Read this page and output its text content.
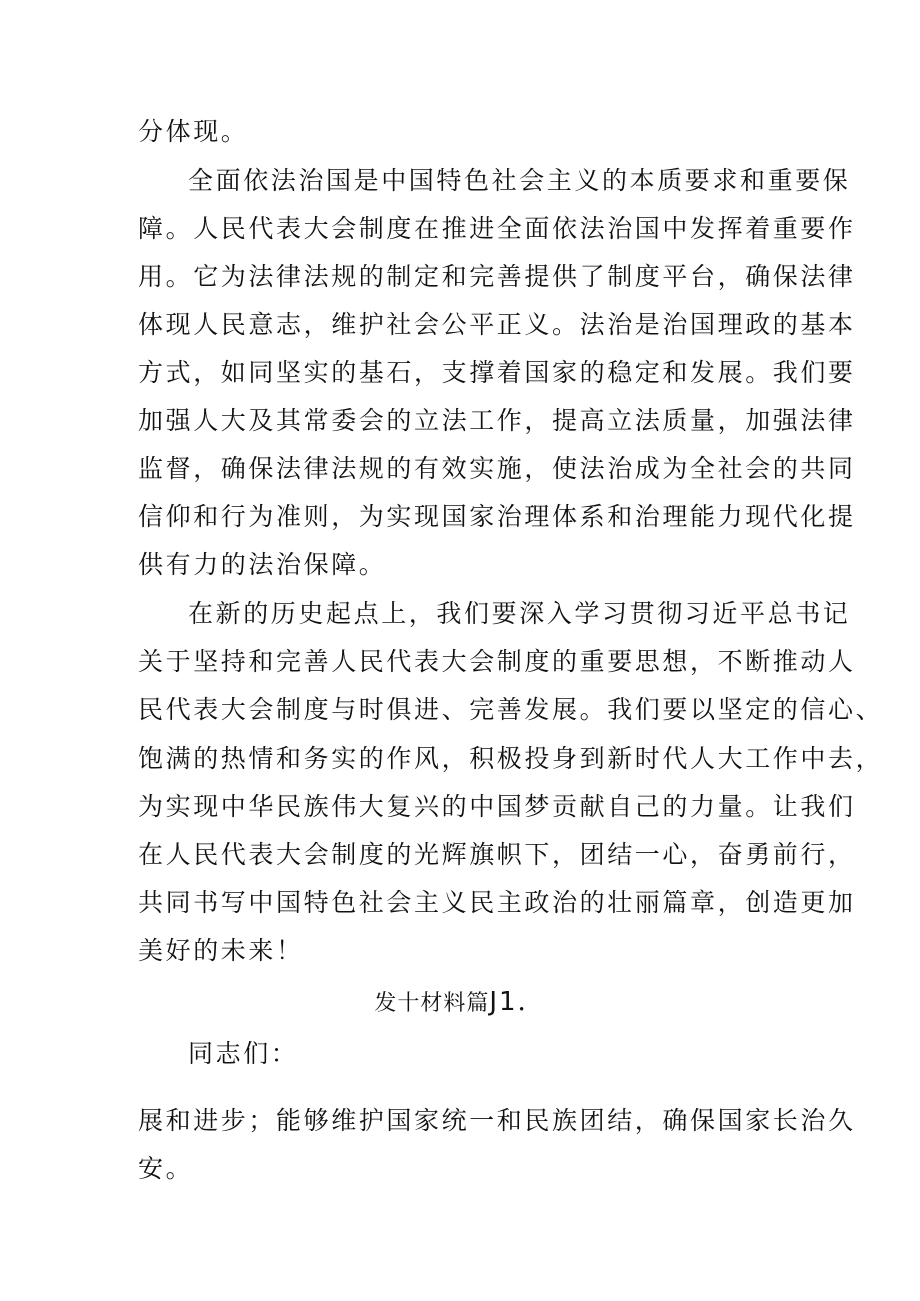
分体现。
全面依法治国是中国特色社会主义的本质要求和重要保
障。人民代表大会制度在推进全面依法治国中发挥着重要作
用。它为法律法规的制定和完善提供了制度平台，确保法律
体现人民意志，维护社会公平正义。法治是治国理政的基本
方式，如同坚实的基石，支撑着国家的稳定和发展。我们要
加强人大及其常委会的立法工作，提高立法质量，加强法律
监督，确保法律法规的有效实施，使法治成为全社会的共同
信仰和行为准则，为实现国家治理体系和治理能力现代化提
供有力的法治保障。
在新的历史起点上，我们要深入学习贯彻习近平总书记
关于坚持和完善人民代表大会制度的重要思想，不断推动人
民代表大会制度与时俱进、完善发展。我们要以坚定的信心、
饱满的热情和务实的作风，积极投身到新时代人大工作中去，
为实现中华民族伟大复兴的中国梦贡献自己的力量。让我们
在人民代表大会制度的光辉旗帜下，团结一心，奋勇前行，
共同书写中国特色社会主义民主政治的壮丽篇章，创造更加
美好的未来！
发十材料篇J1．
同志们：
展和进步；能够维护国家统一和民族团结，确保国家长治久
安。
